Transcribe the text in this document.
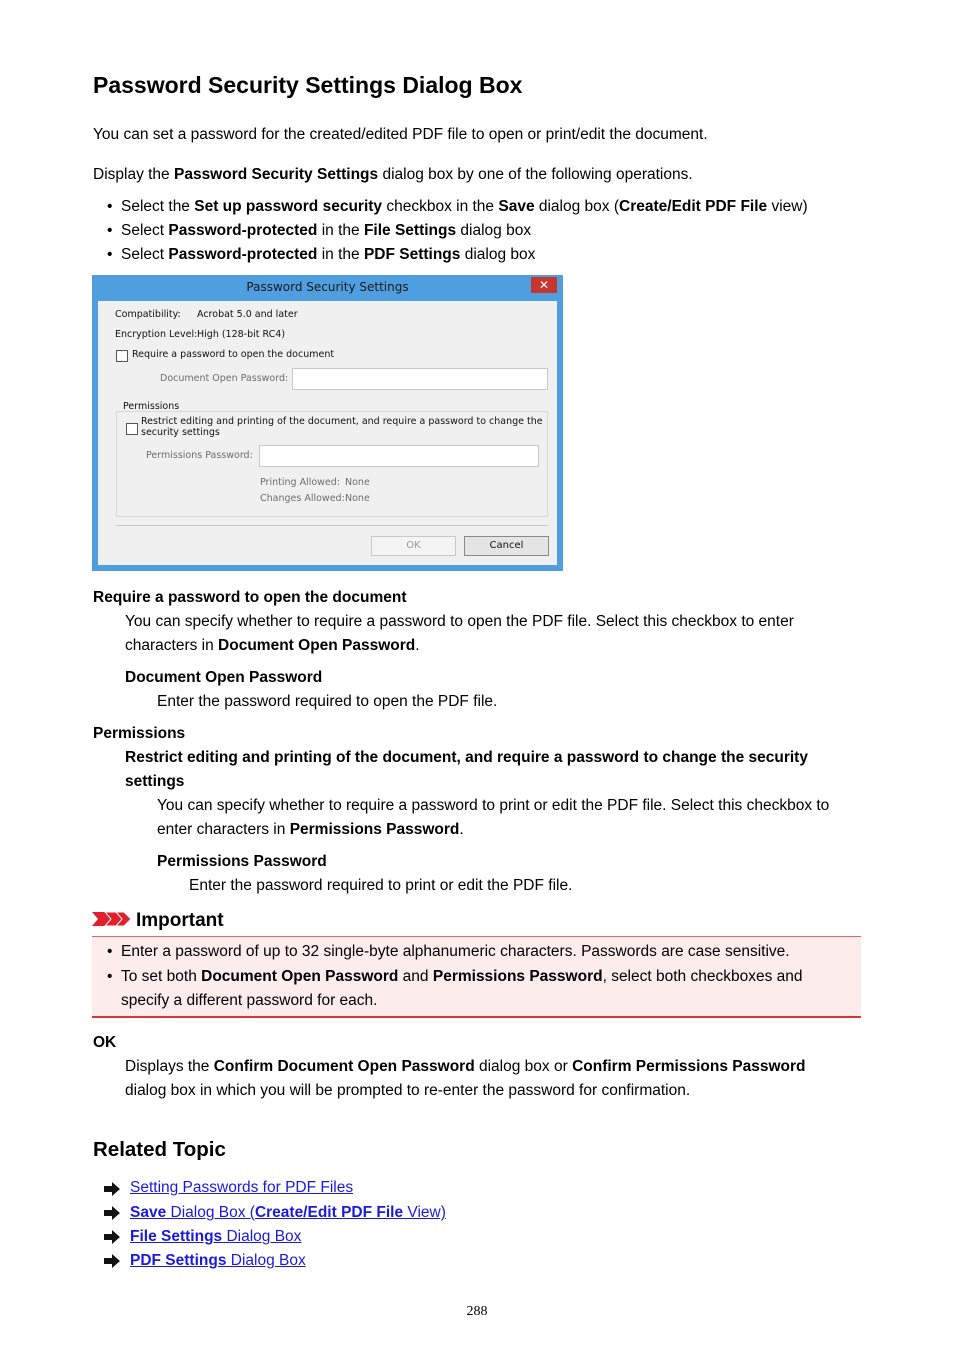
Password Security Settings Dialog Box
You can set a password for the created/edited PDF file to open or print/edit the document.
Display the Password Security Settings dialog box by one of the following operations.
• Select the Set up password security checkbox in the Save dialog box (Create/Edit PDF File view)
• Select Password-protected in the File Settings dialog box
• Select Password-protected in the PDF Settings dialog box
Password Security Settings	✕
Compatibility: Acrobat 5.0 and later
Encryption Level: High (128-bit RC4)
Require a password to open the document
Document Open Password:
Permissions
Restrict editing and printing of the document, and require a password to change the
security settings
Permissions Password:
Printing Allowed: None
Changes Allowed: None
OK	Cancel
Require a password to open the document
You can specify whether to require a password to open the PDF file. Select this checkbox to enter
characters in Document Open Password.
Document Open Password
Enter the password required to open the PDF file.
Permissions
Restrict editing and printing of the document, and require a password to change the security
settings
You can specify whether to require a password to print or edit the PDF file. Select this checkbox to
enter characters in Permissions Password.
Permissions Password
Enter the password required to print or edit the PDF file.
Important
• Enter a password of up to 32 single-byte alphanumeric characters. Passwords are case sensitive.
• To set both Document Open Password and Permissions Password, select both checkboxes and
specify a different password for each.
OK
Displays the Confirm Document Open Password dialog box or Confirm Permissions Password
dialog box in which you will be prompted to re-enter the password for confirmation.
Related Topic
Setting Passwords for PDF Files
Save Dialog Box (Create/Edit PDF File View)
File Settings Dialog Box
PDF Settings Dialog Box
288
